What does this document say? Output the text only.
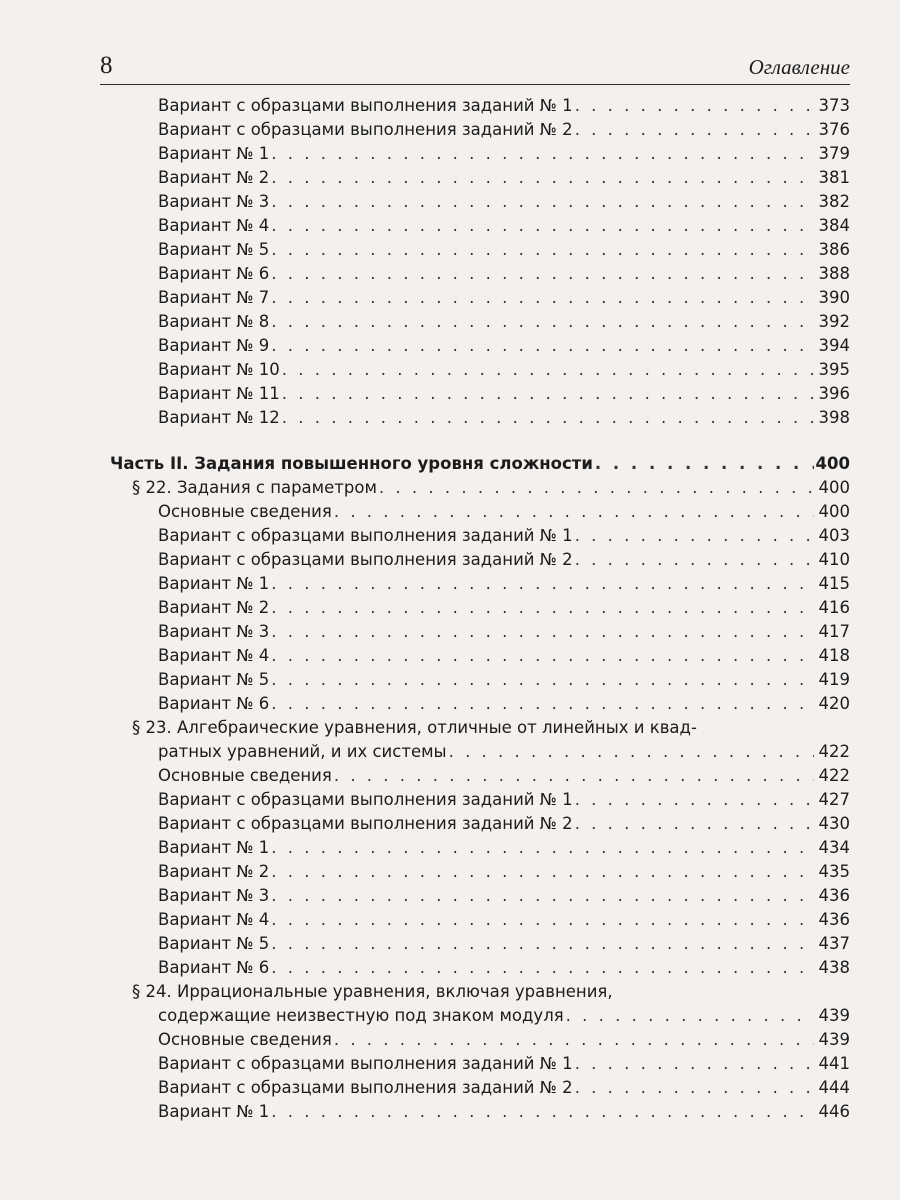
8	Оглавление
Вариант с образцами выполнения заданий № 1 . . .	373
Вариант с образцами выполнения заданий № 2 . . .	376
Вариант № 1 . . .	379
Вариант № 2 . . .	381
Вариант № 3 . . .	382
Вариант № 4 . . .	384
Вариант № 5 . . .	386
Вариант № 6 . . .	388
Вариант № 7 . . .	390
Вариант № 8 . . .	392
Вариант № 9 . . .	394
Вариант № 10 . . .	395
Вариант № 11 . . .	396
Вариант № 12 . . .	398
Часть II. Задания повышенного уровня сложности . . .	400
§ 22. Задания с параметром . . .	400
Основные сведения . . .	400
Вариант с образцами выполнения заданий № 1 . . .	403
Вариант с образцами выполнения заданий № 2 . . .	410
Вариант № 1 . . .	415
Вариант № 2 . . .	416
Вариант № 3 . . .	417
Вариант № 4 . . .	418
Вариант № 5 . . .	419
Вариант № 6 . . .	420
§ 23. Алгебраические уравнения, отличные от линейных и квад-
ратных уравнений, и их системы . . .	422
Основные сведения . . .	422
Вариант с образцами выполнения заданий № 1 . . .	427
Вариант с образцами выполнения заданий № 2 . . .	430
Вариант № 1 . . .	434
Вариант № 2 . . .	435
Вариант № 3 . . .	436
Вариант № 4 . . .	436
Вариант № 5 . . .	437
Вариант № 6 . . .	438
§ 24. Иррациональные уравнения, включая уравнения,
содержащие неизвестную под знаком модуля . . .	439
Основные сведения . . .	439
Вариант с образцами выполнения заданий № 1 . . .	441
Вариант с образцами выполнения заданий № 2 . . .	444
Вариант № 1 . . .	446
